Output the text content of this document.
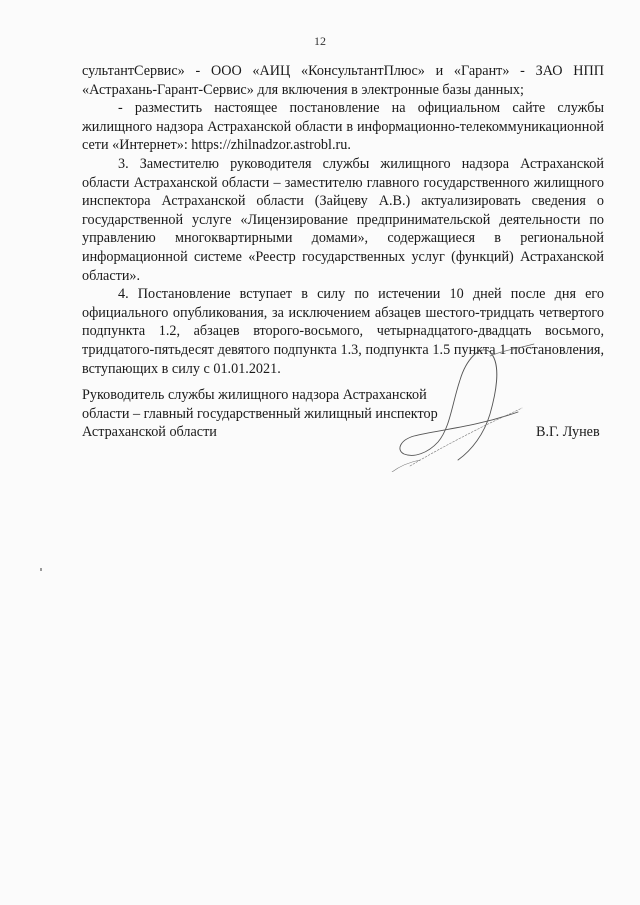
12

сультантСервис» - ООО «АИЦ «КонсультантПлюс» и «Гарант» - ЗАО НПП «Астрахань-Гарант-Сервис» для включения в электронные базы данных;

- разместить настоящее постановление на официальном сайте службы жилищного надзора Астраханской области в информационно-телекоммуникационной сети «Интернет»: https://zhilnadzor.astrobl.ru.

3. Заместителю руководителя службы жилищного надзора Астраханской области Астраханской области – заместителю главного государственного жилищного инспектора Астраханской области (Зайцеву А.В.) актуализировать сведения о государственной услуге «Лицензирование предпринимательской деятельности по управлению многоквартирными домами», содержащиеся в региональной информационной системе «Реестр государственных услуг (функций) Астраханской области».

4. Постановление вступает в силу по истечении 10 дней после дня его официального опубликования, за исключением абзацев шестого-тридцать четвертого подпункта 1.2, абзацев второго-восьмого, четырнадцатого-двадцать восьмого, тридцатого-пятьдесят девятого подпункта 1.3, подпункта 1.5 пункта 1 постановления, вступающих в силу с 01.01.2021.

Руководитель службы жилищного надзора Астраханской области – главный государственный жилищный инспектор Астраханской области	В.Г. Лунев
